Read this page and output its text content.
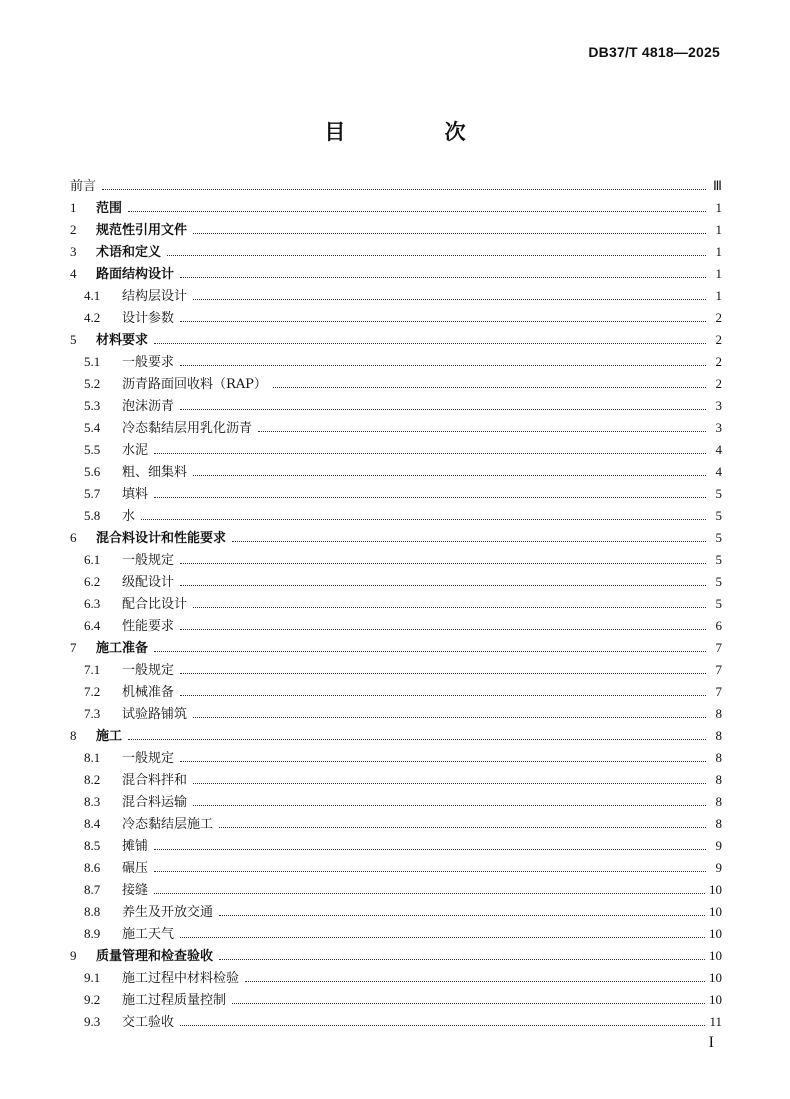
DB37/T 4818—2025
目 次
前言	Ⅲ
1	范围	1
2	规范性引用文件	1
3	术语和定义	1
4	路面结构设计	1
4.1	结构层设计	1
4.2	设计参数	2
5	材料要求	2
5.1	一般要求	2
5.2	沥青路面回收料（RAP）	2
5.3	泡沫沥青	3
5.4	冷态黏结层用乳化沥青	3
5.5	水泥	4
5.6	粗、细集料	4
5.7	填料	5
5.8	水	5
6	混合料设计和性能要求	5
6.1	一般规定	5
6.2	级配设计	5
6.3	配合比设计	5
6.4	性能要求	6
7	施工准备	7
7.1	一般规定	7
7.2	机械准备	7
7.3	试验路铺筑	8
8	施工	8
8.1	一般规定	8
8.2	混合料拌和	8
8.3	混合料运输	8
8.4	冷态黏结层施工	8
8.5	摊铺	9
8.6	碾压	9
8.7	接缝	10
8.8	养生及开放交通	10
8.9	施工天气	10
9	质量管理和检查验收	10
9.1	施工过程中材料检验	10
9.2	施工过程质量控制	10
9.3	交工验收	11
I
